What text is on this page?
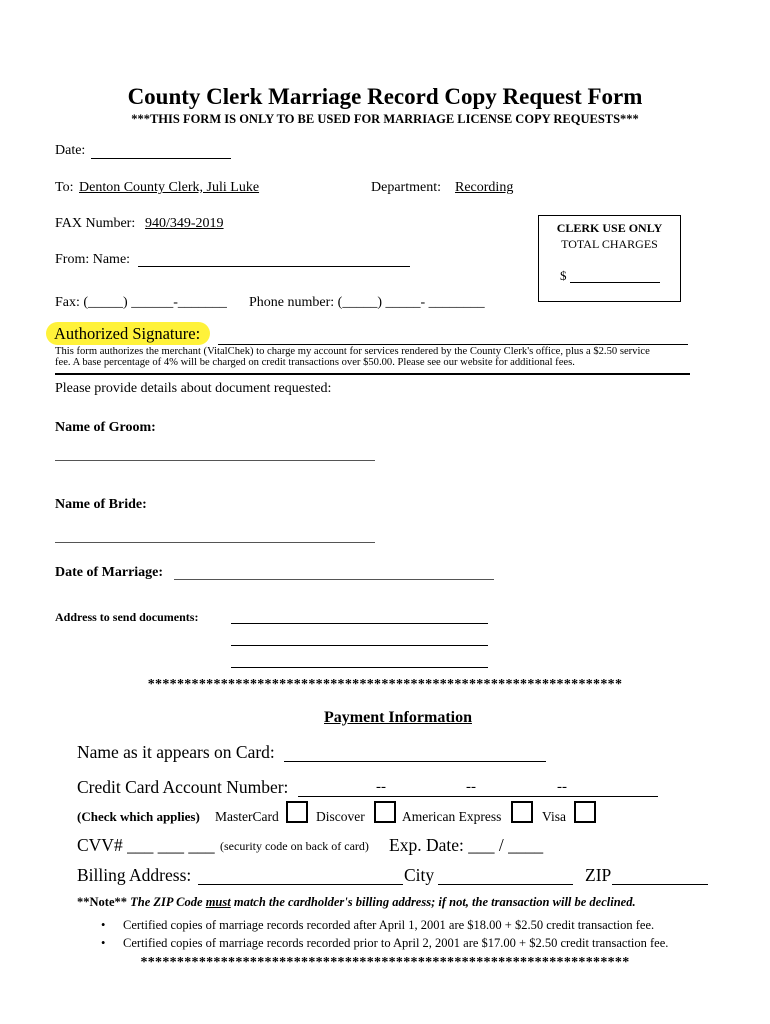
County Clerk Marriage Record Copy Request Form
***THIS FORM IS ONLY TO BE USED FOR MARRIAGE LICENSE COPY REQUESTS***
Date:
To: Denton County Clerk, Juli Luke	Department: Recording
FAX Number: 940/349-2019	CLERK USE ONLY
TOTAL CHARGES
$
From: Name:
Fax: (_____) ______-_______ Phone number: (_____) _____- ________
Authorized Signature:
This form authorizes the merchant (VitalChek) to charge my account for services rendered by the County Clerk's office, plus a $2.50 service
fee. A base percentage of 4% will be charged on credit transactions over $50.00. Please see our website for additional fees.
Please provide details about document requested:
Name of Groom:
Name of Bride:
Date of Marriage:
Address to send documents:
*****************************************************************
Payment Information
Name as it appears on Card:
Credit Card Account Number:	--	--	--
(Check which applies) MasterCard	Discover	American Express	Visa
CVV# ___ ___ ___ (security code on back of card) Exp. Date: ___ / ____
Billing Address:	City	ZIP
**Note** The ZIP Code must match the cardholder's billing address; if not, the transaction will be declined.
• Certified copies of marriage records recorded after April 1, 2001 are $18.00 + $2.50 credit transaction fee.
• Certified copies of marriage records recorded prior to April 2, 2001 are $17.00 + $2.50 credit transaction fee.
*******************************************************************
